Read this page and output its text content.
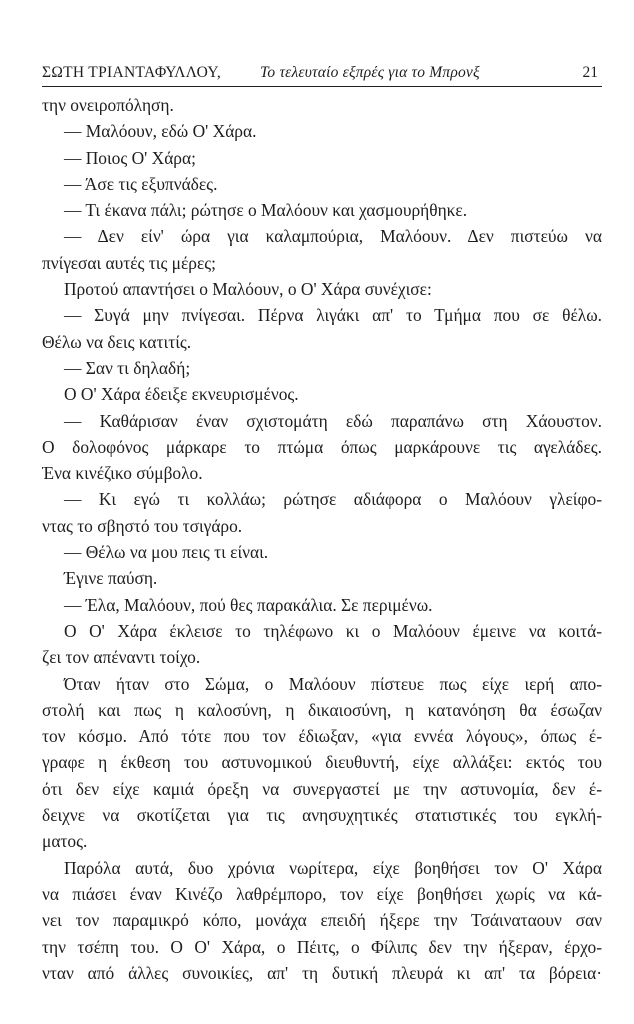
ΣΩΤΗ ΤΡΙΑΝΤΑΦΥΛΛΟΥ,	Το τελευταίο εξπρές για το Μπρονξ	21
την ονειροπόληση.
— Μαλόουν, εδώ Ο' Χάρα.
— Ποιος Ο' Χάρα;
— Άσε τις εξυπνάδες.
— Τι έκανα πάλι; ρώτησε ο Μαλόουν και χασμουρήθηκε.
— Δεν είν' ώρα για καλαμπούρια, Μαλόουν. Δεν πιστεύω να
πνίγεσαι αυτές τις μέρες;
Προτού απαντήσει ο Μαλόουν, ο Ο' Χάρα συνέχισε:
— Συγά μην πνίγεσαι. Πέρνα λιγάκι απ' το Τμήμα που σε θέλω.
Θέλω να δεις κατιτίς.
— Σαν τι δηλαδή;
Ο Ο' Χάρα έδειξε εκνευρισμένος.
— Καθάρισαν έναν σχιστομάτη εδώ παραπάνω στη Χάουστον.
Ο δολοφόνος μάρκαρε το πτώμα όπως μαρκάρουνε τις αγελάδες.
Ένα κινέζικο σύμβολο.
— Κι εγώ τι κολλάω; ρώτησε αδιάφορα ο Μαλόουν γλείφο-
ντας το σβηστό του τσιγάρο.
— Θέλω να μου πεις τι είναι.
Έγινε παύση.
— Έλα, Μαλόουν, πού θες παρακάλια. Σε περιμένω.
Ο Ο' Χάρα έκλεισε το τηλέφωνο κι ο Μαλόουν έμεινε να κοιτά-
ζει τον απέναντι τοίχο.
Όταν ήταν στο Σώμα, ο Μαλόουν πίστευε πως είχε ιερή απο-
στολή και πως η καλοσύνη, η δικαιοσύνη, η κατανόηση θα έσωζαν
τον κόσμο. Από τότε που τον έδιωξαν, «για εννέα λόγους», όπως έ-
γραφε η έκθεση του αστυνομικού διευθυντή, είχε αλλάξει: εκτός του
ότι δεν είχε καμιά όρεξη να συνεργαστεί με την αστυνομία, δεν έ-
δειχνε να σκοτίζεται για τις ανησυχητικές στατιστικές του εγκλή-
ματος.
Παρόλα αυτά, δυο χρόνια νωρίτερα, είχε βοηθήσει τον Ο' Χάρα
να πιάσει έναν Κινέζο λαθρέμπορο, τον είχε βοηθήσει χωρίς να κά-
νει τον παραμικρό κόπο, μονάχα επειδή ήξερε την Τσάιναταουν σαν
την τσέπη του. Ο Ο' Χάρα, ο Πέιτς, ο Φίλιπς δεν την ήξεραν, έρχο-
νταν από άλλες συνοικίες, απ' τη δυτική πλευρά κι απ' τα βόρεια·
